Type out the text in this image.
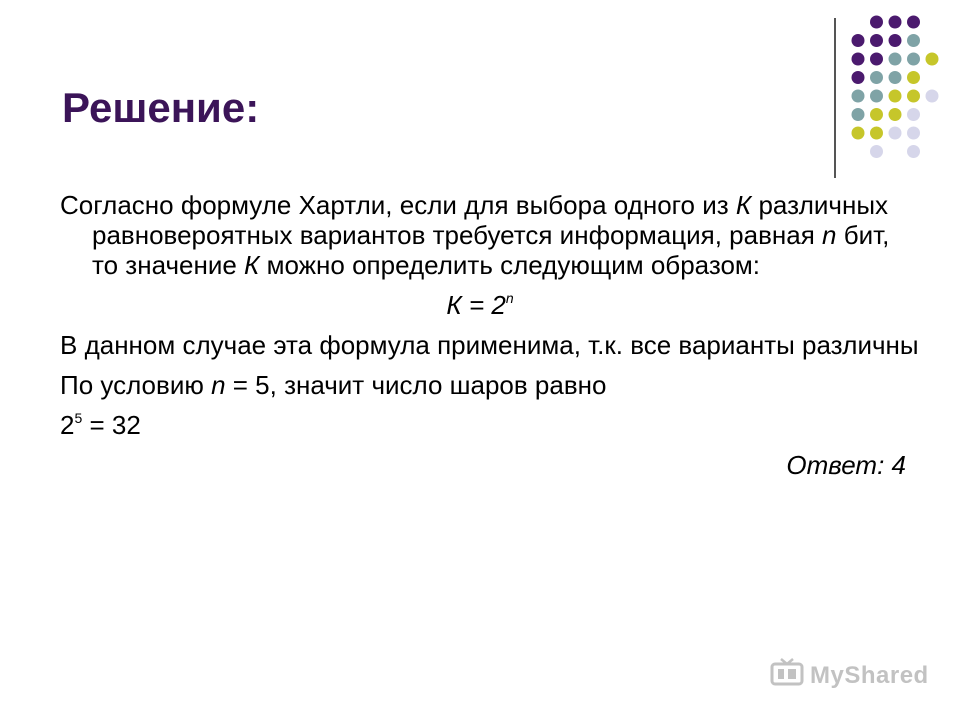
Решение:

Согласно формуле Хартли, если для выбора одного из К различных равновероятных вариантов требуется информация, равная n бит, то значение К можно определить следующим образом:

$К = 2^n$

В данном случае эта формула применима, т.к. все варианты различны

По условию n = 5, значит число шаров равно

$2^5 = 32$

Ответ: 4
MyShared
